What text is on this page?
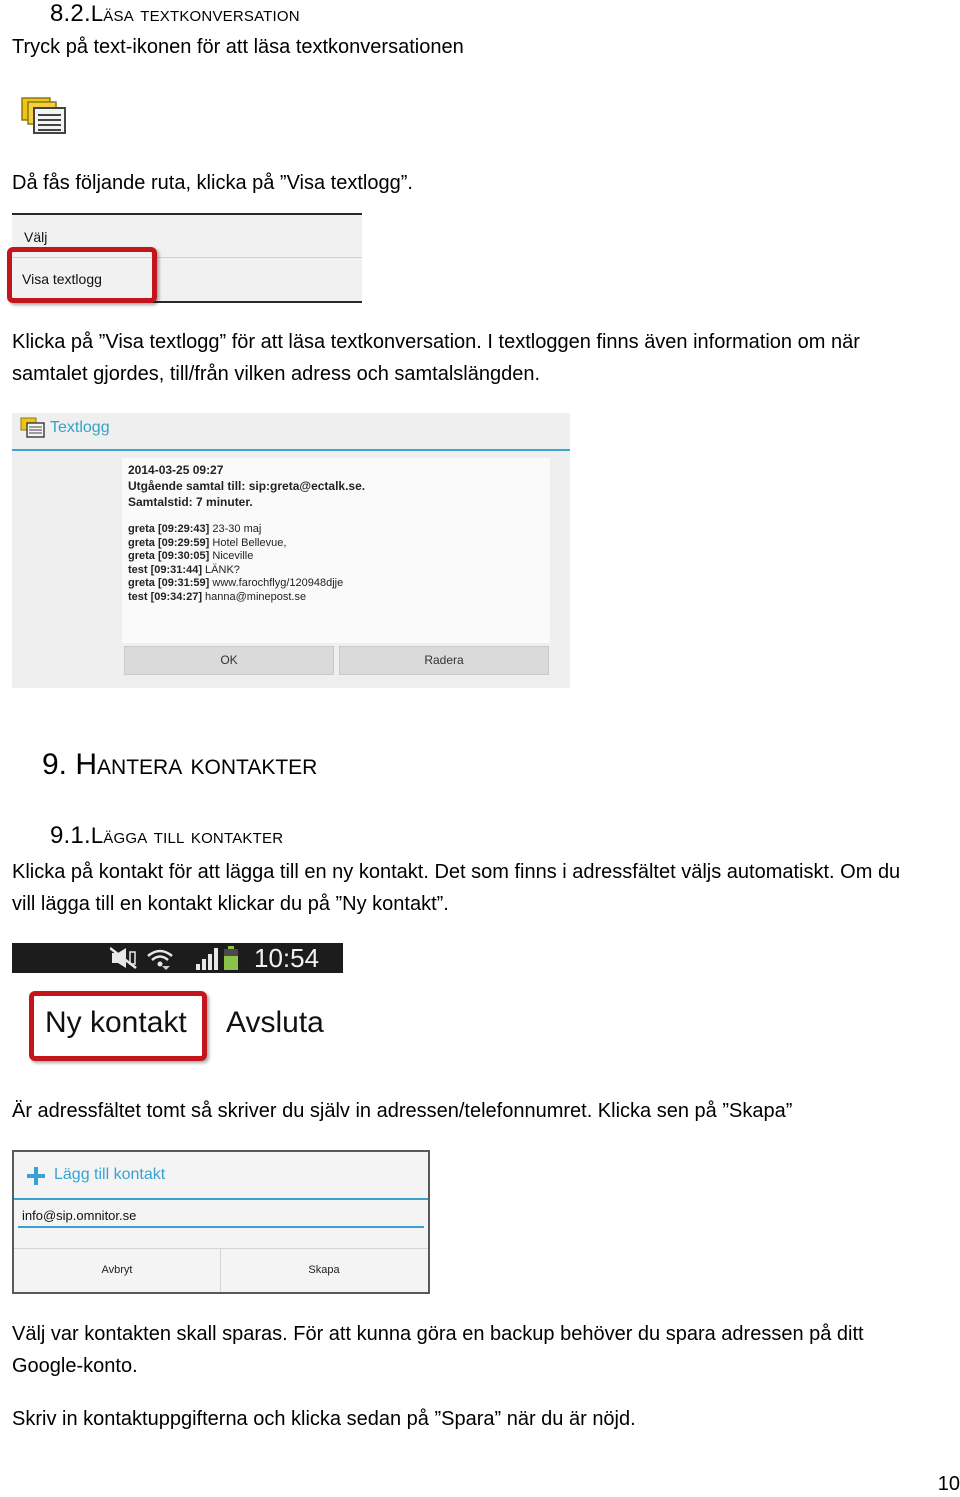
8.2.Läsa textkonversation

Tryck på text-ikonen för att läsa textkonversationen

Då fås följande ruta, klicka på ”Visa textlogg”.

Välj
Visa textlogg

Klicka på ”Visa textlogg” för att läsa textkonversation. I textloggen finns även information om när

samtalet gjordes, till/från vilken adress och samtalslängden.

Textlogg
2014-03-25 09:27
Utgående samtal till: sip:greta@ectalk.se.
Samtalstid: 7 minuter.
greta [09:29:43] 23-30 maj
greta [09:29:59] Hotel Bellevue,
greta [09:30:05] Niceville
test [09:31:44] LÄNK?
greta [09:31:59] www.farochflyg/120948djje
test [09:34:27] hanna@minepost.se
OK	Radera
9. Hantera kontakter
9.1.Lägga till kontakter

Klicka på kontakt för att lägga till en ny kontakt. Det som finns i adressfältet väljs automatiskt. Om du

vill lägga till en kontakt klickar du på ”Ny kontakt”.

10:54
Ny kontakt Avsluta

Är adressfältet tomt så skriver du själv in adressen/telefonnumret. Klicka sen på ”Skapa”

Lägg till kontakt
info@sip.omnitor.se
Avbryt	Skapa

Välj var kontakten skall sparas. För att kunna göra en backup behöver du spara adressen på ditt

Google-konto.

Skriv in kontaktuppgifterna och klicka sedan på ”Spara” när du är nöjd.

10
